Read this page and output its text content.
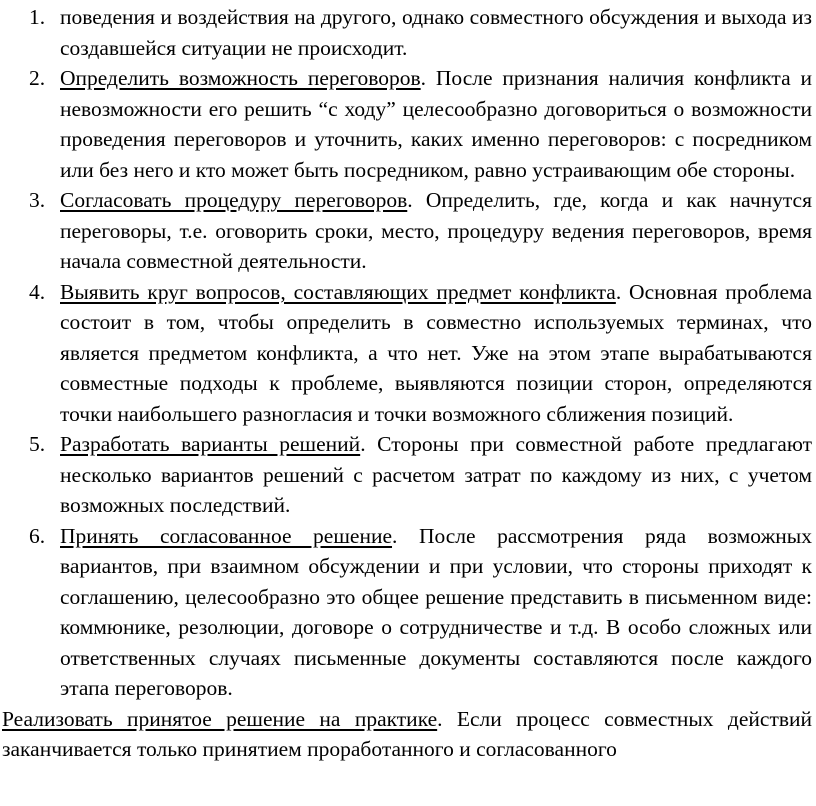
1. поведения и воздействия на другого, однако совместного обсуждения и выхода из создавшейся ситуации не происходит.
2. Определить возможность переговоров. После признания наличия конфликта и невозможности его решить “с ходу” целесообразно договориться о возможности проведения переговоров и уточнить, каких именно переговоров: с посредником или без него и кто может быть посредником, равно устраивающим обе стороны.
3. Согласовать процедуру переговоров. Определить, где, когда и как начнутся переговоры, т.е. оговорить сроки, место, процедуру ведения переговоров, время начала совместной деятельности.
4. Выявить круг вопросов, составляющих предмет конфликта. Основная проблема состоит в том, чтобы определить в совместно используемых терминах, что является предметом конфликта, а что нет. Уже на этом этапе вырабатываются совместные подходы к проблеме, выявляются позиции сторон, определяются точки наибольшего разногласия и точки возможного сближения позиций.
5. Разработать варианты решений. Стороны при совместной работе предлагают несколько вариантов решений с расчетом затрат по каждому из них, с учетом возможных последствий.
6. Принять согласованное решение. После рассмотрения ряда возможных вариантов, при взаимном обсуждении и при условии, что стороны приходят к соглашению, целесообразно это общее решение представить в письменном виде: коммюнике, резолюции, договоре о сотрудничестве и т.д. В особо сложных или ответственных случаях письменные документы составляются после каждого этапа переговоров.

Реализовать принятое решение на практике. Если процесс совместных действий заканчивается только принятием проработанного и согласованного
